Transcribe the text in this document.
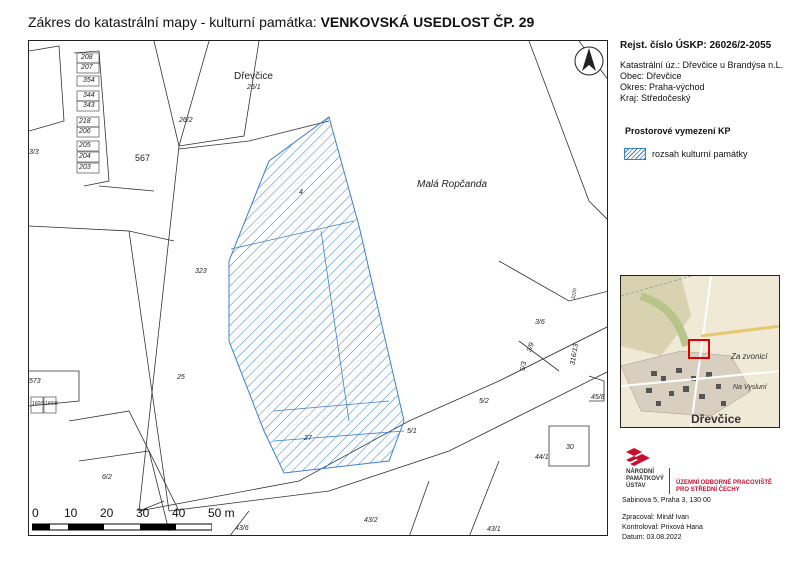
Zákres do katastrální mapy - kulturní památka: VENKOVSKÁ USEDLOST ČP. 29
208
207
354
344
343
218
206
205
204
203
3/3
567
26/1
26/2
4
323
573
160/9 160/8
25
6/2
27
5/1
5/2
5/3
3/6
316/13
3/9
45/8
44/1
30
43/6
43/2
43/1
3220
Dřevčice
Malá Ropčanda
0 10 20 30 40 50 m
Rejst. číslo ÚSKP: 26026/2-2055
Katastrální úz.: Dřevčice u Brandýsa n.L.
Obec: Dřevčice
Okres: Praha-východ
Kraj: Středočeský
Prostorové vymezení KP
rozsah kulturní památky
Za zvonicí
Na Vysluní
Dřevčice
NÁRODNÍ
PAMÁTKOVÝ
ÚSTAV	ÚZEMNÍ ODBORNÉ PRACOVIŠTĚ
PRO STŘEDNÍ ČECHY
Sabinova 5, Praha 3, 130 00
Zpracoval: Mináf Ivan
Kontroloval: Prixová Hana
Datum: 03.08.2022
